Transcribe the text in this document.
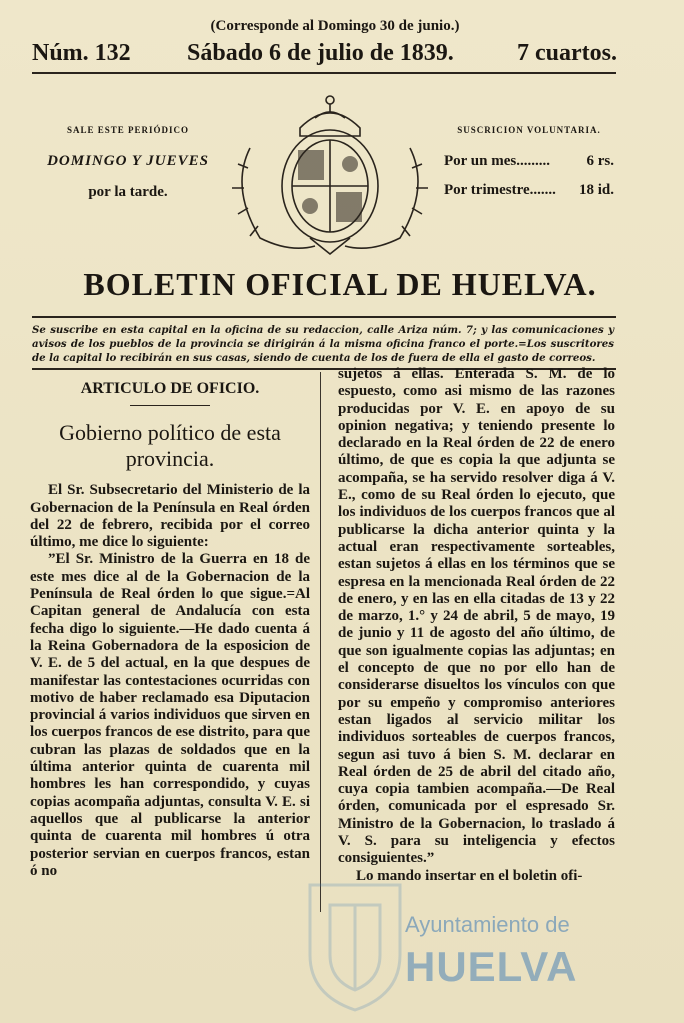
(Corresponde al Domingo 30 de junio.)
Núm. 132 Sábado 6 de julio de 1839.	7 cuartos.
SALE ESTE PERIÓDICO
DOMINGO Y JUEVES
por la tarde.
SUSCRICION VOLUNTARIA.
Por un mes......... 6 rs.
Por trimestre....... 18 id.
BOLETIN OFICIAL DE HUELVA.
Se suscribe en esta capital en la oficina de su redaccion, calle Ariza núm. 7; y las comunicaciones y avisos de los pueblos de la provincia se dirigirán á la misma oficina franco el porte.=Los suscritores de la capital lo recibirán en sus casas, siendo de cuenta de los de fuera de ella el gasto de correos.
ARTICULO DE OFICIO.
Gobierno político de esta provincia.

El Sr. Subsecretario del Ministerio de la Gobernacion de la Península en Real órden del 22 de febrero, recibida por el correo último, me dice lo siguiente:

”El Sr. Ministro de la Guerra en 18 de este mes dice al de la Gobernacion de la Península de Real órden lo que sigue.=Al Capitan general de Andalucía con esta fecha digo lo siguiente.—He dado cuenta á la Reina Gobernadora de la esposicion de V. E. de 5 del actual, en la que despues de manifestar las contestaciones ocurridas con motivo de haber reclamado esa Diputacion provincial á varios individuos que sirven en los cuerpos francos de ese distrito, para que cubran las plazas de soldados que en la última anterior quinta de cuarenta mil hombres les han correspondido, y cuyas copias acompaña adjuntas, consulta V. E. si aquellos que al publicarse la anterior quinta de cuarenta mil hombres ú otra posterior servian en cuerpos francos, estan ó no

sujetos á ellas. Enterada S. M. de lo espuesto, como asi mismo de las razones producidas por V. E. en apoyo de su opinion negativa; y teniendo presente lo declarado en la Real órden de 22 de enero último, de que es copia la que adjunta se acompaña, se ha servido resolver diga á V. E., como de su Real órden lo ejecuto, que los individuos de los cuerpos francos que al publicarse la dicha anterior quinta y la actual eran respectivamente sorteables, estan sujetos á ellas en los términos que se espresa en la mencionada Real órden de 22 de enero, y en las en ella citadas de 13 y 22 de marzo, 1.° y 24 de abril, 5 de mayo, 19 de junio y 11 de agosto del año último, de que son igualmente copias las adjuntas; en el concepto de que no por ello han de considerarse disueltos los vínculos con que por su empeño y compromiso anteriores estan ligados al servicio militar los individuos sorteables de cuerpos francos, segun asi tuvo á bien S. M. declarar en Real órden de 25 de abril del citado año, cuya copia tambien acompaña.—De Real órden, comunicada por el espresado Sr. Ministro de la Gobernacion, lo traslado á V. S. para su inteligencia y efectos consiguientes.”

Lo mando insertar en el boletin ofi-

Ayuntamiento de
HUELVA
